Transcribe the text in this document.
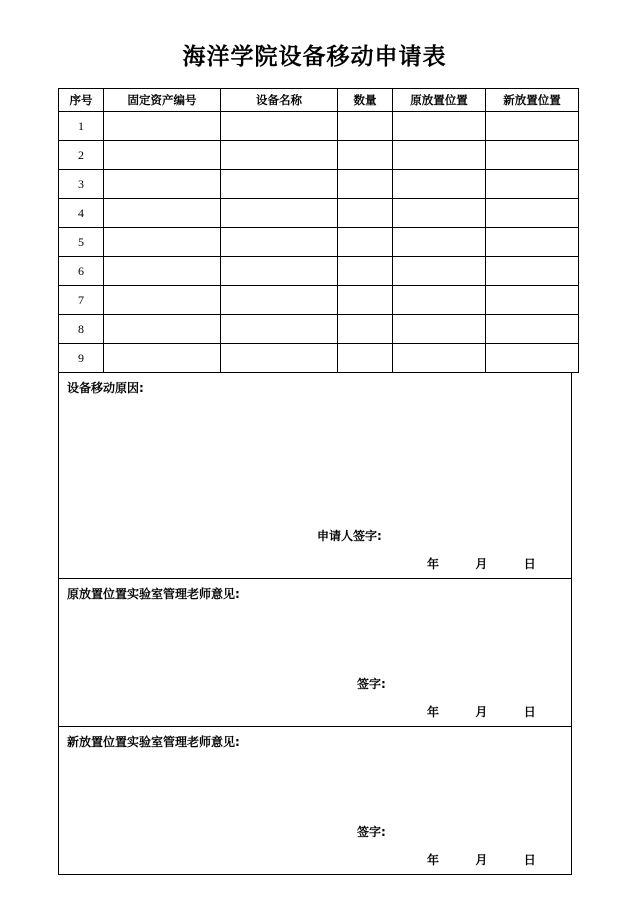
海洋学院设备移动申请表
序号	固定资产编号	设备名称	数量	原放置位置	新放置位置
1					
2					
3					
4					
5					
6					
7					
8					
9					
设备移动原因:
申请人签字:
年	月	日
原放置位置实验室管理老师意见:
签字:
年	月	日
新放置位置实验室管理老师意见:
签字:
年	月	日
